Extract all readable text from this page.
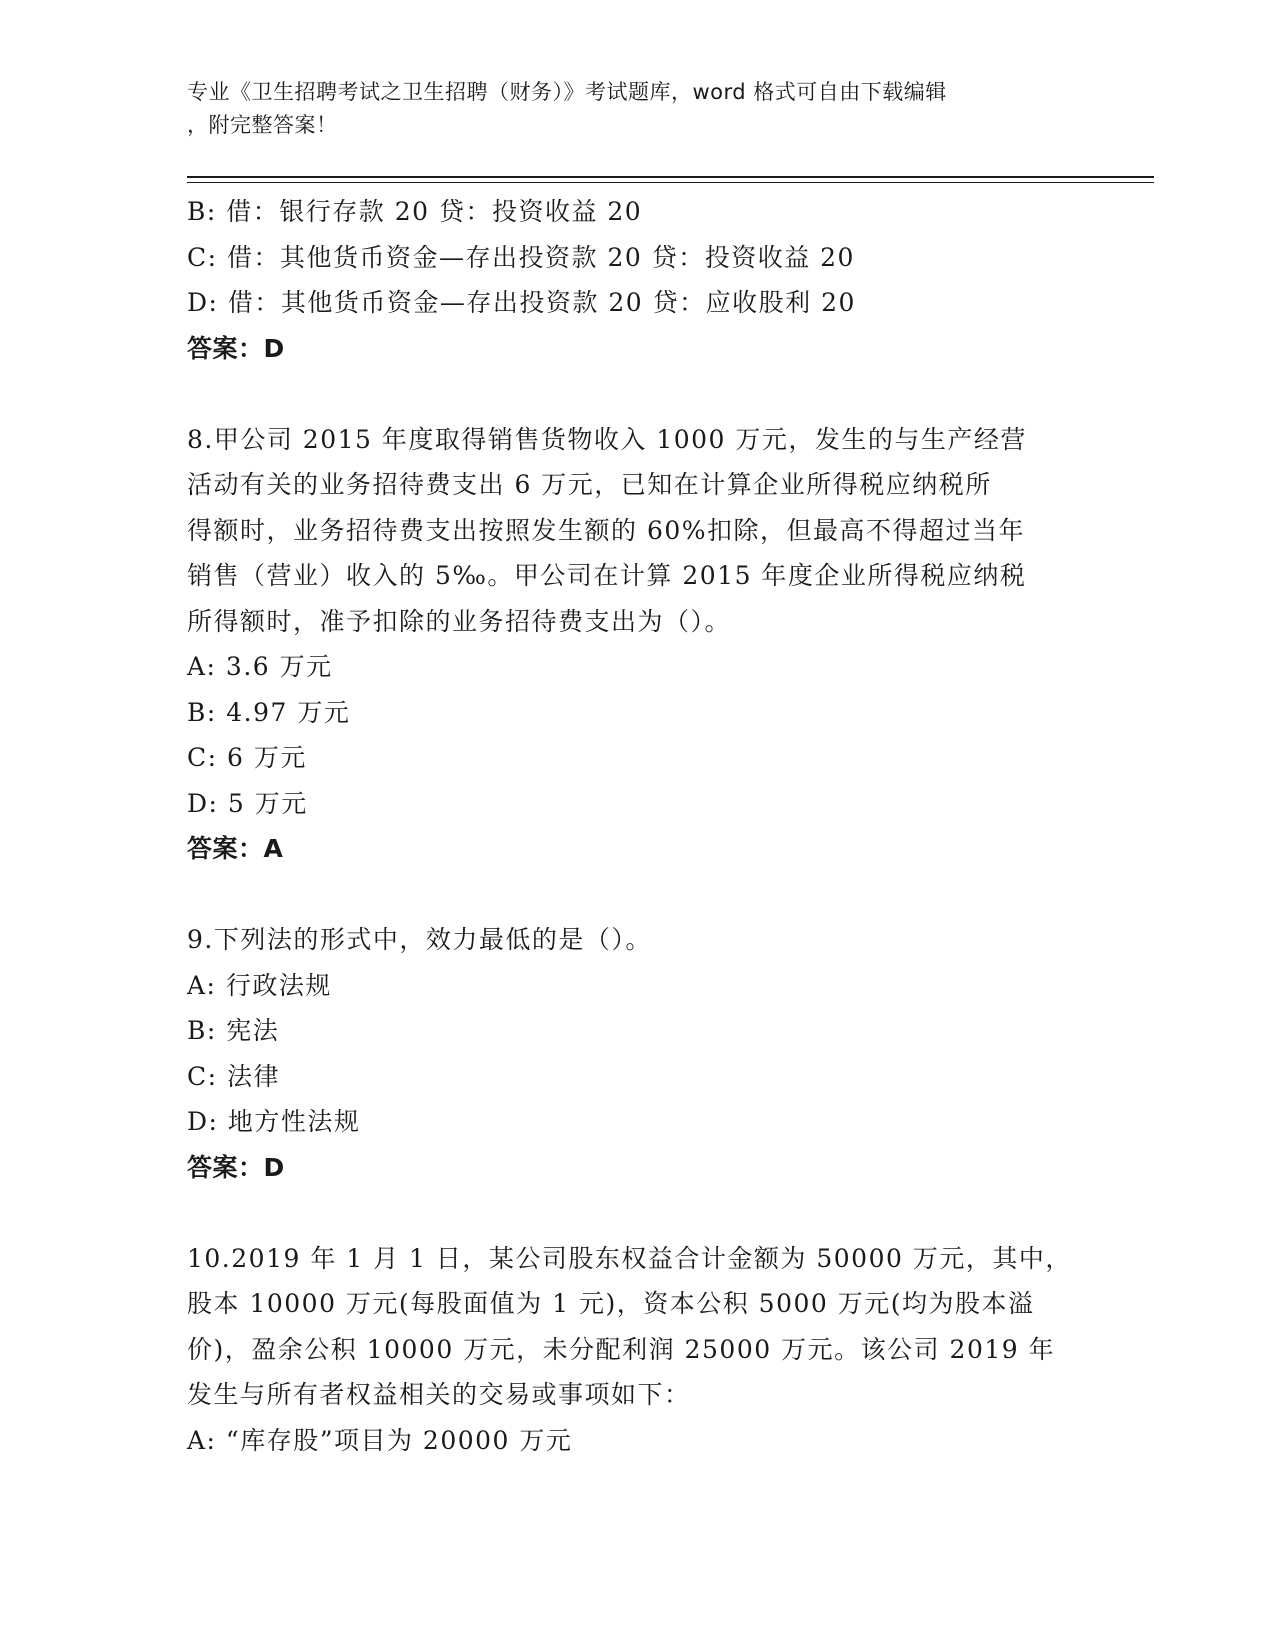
专业《卫生招聘考试之卫生招聘（财务）》考试题库，word 格式可自由下载编辑
，附完整答案！
B: 借：银行存款 20 贷：投资收益 20
C: 借：其他货币资金—存出投资款 20 贷：投资收益 20
D: 借：其他货币资金—存出投资款 20 贷：应收股利 20
答案：D
8.甲公司 2015 年度取得销售货物收入 1000 万元，发生的与生产经营
活动有关的业务招待费支出 6 万元，已知在计算企业所得税应纳税所
得额时，业务招待费支出按照发生额的 60%扣除，但最高不得超过当年
销售（营业）收入的 5‰。甲公司在计算 2015 年度企业所得税应纳税
所得额时，准予扣除的业务招待费支出为（）。
A: 3.6 万元
B: 4.97 万元
C: 6 万元
D: 5 万元
答案：A
9.下列法的形式中，效力最低的是（）。
A: 行政法规
B: 宪法
C: 法律
D: 地方性法规
答案：D
10.2019 年 1 月 1 日，某公司股东权益合计金额为 50000 万元，其中，
股本 10000 万元(每股面值为 1 元)，资本公积 5000 万元(均为股本溢
价)，盈余公积 10000 万元，未分配利润 25000 万元。该公司 2019 年
发生与所有者权益相关的交易或事项如下：
A: “库存股”项目为 20000 万元
